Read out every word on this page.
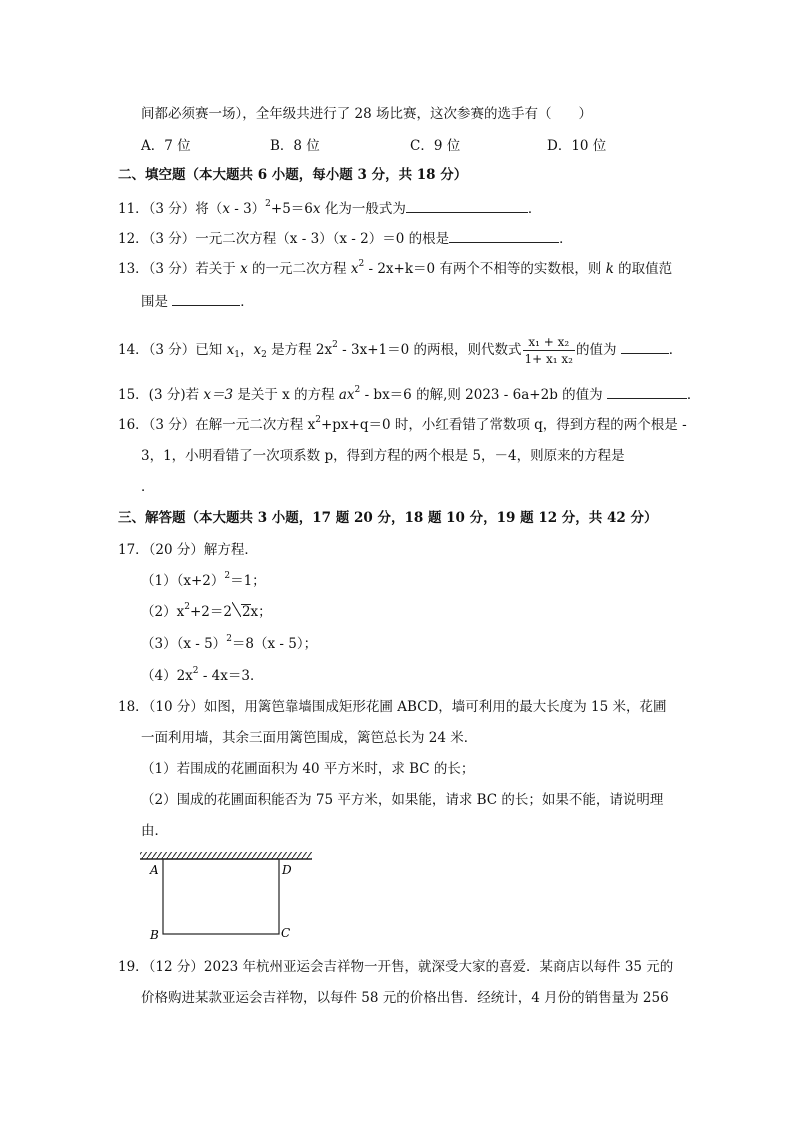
间都必须赛一场），全年级共进行了 28 场比赛，这次参赛的选手有（　　）
A．7 位	B．8 位	C．9 位	D．10 位
二、填空题（本大题共 6 小题，每小题 3 分，共 18 分）
11．（3 分）将（x - 3）$^2$+5＝6x 化为一般式为	．
12．（3 分）一元二次方程（x - 3）（x - 2）＝0 的根是	．
13．（3 分）若关于 x 的一元二次方程 $x^2 - 2x+k=0$ 有两个不相等的实数根，则 k 的取值范
围是	．
14．（3 分）已知 $x_1$，$x_2$ 是方程 $2x^2 - 3x+1=0$ 的两根，则代数式 $\frac{\text{x₁ + x₂}}{\text{1+ x₁ x₂}}$ 的值为	．
15．(3 分)若 x＝3 是关于 x 的方程 $ax^2 - bx=6$ 的解,则 2023 - 6a+2b 的值为	．
16．（3 分）在解一元二次方程 $x^2+px+q=0$ 时，小红看错了常数项 q，得到方程的两个根是 -
3，1，小明看错了一次项系数 p，得到方程的两个根是 5，－4，则原来的方程是
．
三、解答题（本大题共 3 小题，17 题 20 分，18 题 10 分，19 题 12 分，共 42 分）
17．（20 分）解方程．
$(1)(x+2)^2=1$；
$(2)x^2+2=2$ 2x；
（3）（x - 5）$^2$＝8（x - 5）；
$(4)2x^2 - 4x=3$．
18．（10 分）如图，用篱笆靠墙围成矩形花圃 ABCD，墙可利用的最大长度为 15 米，花圃
一面利用墙，其余三面用篱笆围成，篱笆总长为 24 米．
（1）若围成的花圃面积为 40 平方米时，求 BC 的长；
（2）围成的花圃面积能否为 75 平方米，如果能，请求 BC 的长；如果不能，请说明理
由．
A	D
B	C
19．（12 分）2023 年杭州亚运会吉祥物一开售，就深受大家的喜爱．某商店以每件 35 元的
价格购进某款亚运会吉祥物，以每件 58 元的价格出售．经统计，4 月份的销售量为 256
